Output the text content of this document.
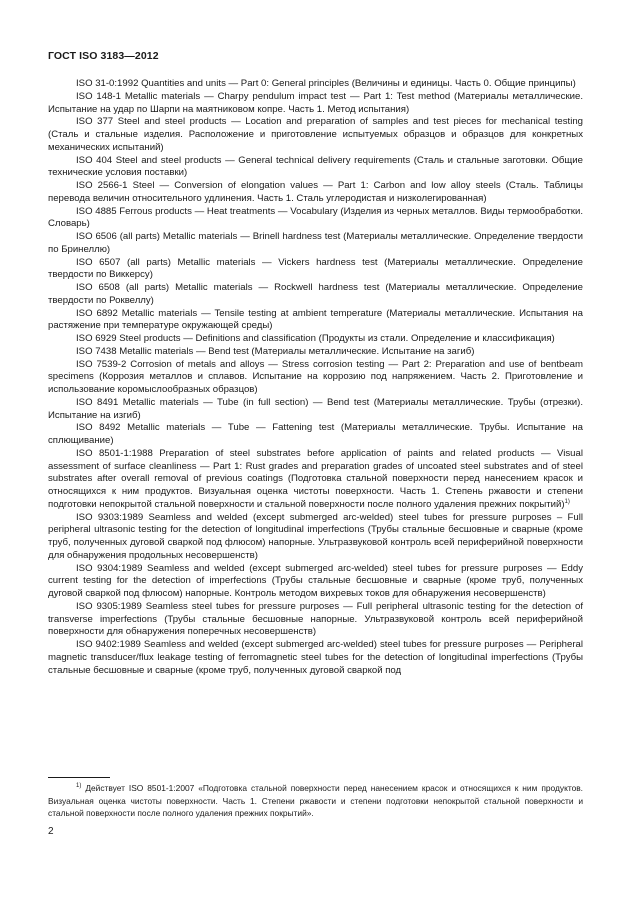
ГОСТ ISO 3183—2012

ISO 31-0:1992 Quantities and units — Part 0: General principles (Величины и единицы. Часть 0. Общие принципы)

ISO 148-1 Metallic materials — Charpy pendulum impact test — Part 1: Test method (Материалы металлические. Испытание на удар по Шарпи на маятниковом копре. Часть 1. Метод испытания)

ISO 377 Steel and steel products — Location and preparation of samples and test pieces for mechanical testing (Сталь и стальные изделия. Расположение и приготовление испытуемых образцов и образцов для конкретных механических испытаний)

ISO 404 Steel and steel products — General technical delivery requirements (Сталь и стальные заготовки. Общие технические условия поставки)

ISO 2566-1 Steel — Conversion of elongation values — Part 1: Carbon and low alloy steels (Сталь. Таблицы перевода величин относительного удлинения. Часть 1. Сталь углеродистая и низколегированная)

ISO 4885 Ferrous products — Heat treatments — Vocabulary (Изделия из черных металлов. Виды термообработки. Словарь)

ISO 6506 (all parts) Metallic materials — Brinell hardness test (Материалы металлические. Определение твердости по Бринеллю)

ISO 6507 (all parts) Metallic materials — Vickers hardness test (Материалы металлические. Определение твердости по Виккерсу)

ISO 6508 (all parts) Metallic materials — Rockwell hardness test (Материалы металлические. Определение твердости по Роквеллу)

ISO 6892 Metallic materials — Tensile testing at ambient temperature (Материалы металлические. Испытания на растяжение при температуре окружающей среды)

ISO 6929 Steel products — Definitions and classification (Продукты из стали. Определение и классификация)

ISO 7438 Metallic materials — Bend test (Материалы металлические. Испытание на загиб)

ISO 7539-2 Corrosion of metals and alloys — Stress corrosion testing — Part 2: Preparation and use of bentbeam specimens (Коррозия металлов и сплавов. Испытание на коррозию под напряжением. Часть 2. Приготовление и использование коромыслообразных образцов)

ISO 8491 Metallic materials — Tube (in full section) — Bend test (Материалы металлические. Трубы (отрезки). Испытание на изгиб)

ISO 8492 Metallic materials — Tube — Fattening test (Материалы металлические. Трубы. Испытание на сплющивание)

ISO 8501-1:1988 Preparation of steel substrates before application of paints and related products — Visual assessment of surface cleanliness — Part 1: Rust grades and preparation grades of uncoated steel substrates and of steel substrates after overall removal of previous coatings (Подготовка стальной поверхности перед нанесением красок и относящихся к ним продуктов. Визуальная оценка чистоты поверхности. Часть 1. Степень ржавости и степени подготовки непокрытой стальной поверхности и стальной поверхности после полного удаления прежних покрытий)$^{1)}$

ISO 9303:1989 Seamless and welded (except submerged arc-welded) steel tubes for pressure purposes – Full peripheral ultrasonic testing for the detection of longitudinal imperfections (Трубы стальные бесшовные и сварные (кроме труб, полученных дуговой сваркой под флюсом) напорные. Ультразвуковой контроль всей периферийной поверхности для обнаружения продольных несовершенств)

ISO 9304:1989 Seamless and welded (except submerged arc-welded) steel tubes for pressure purposes — Eddy current testing for the detection of imperfections (Трубы стальные бесшовные и сварные (кроме труб, полученных дуговой сваркой под флюсом) напорные. Контроль методом вихревых токов для обнаружения несовершенств)

ISO 9305:1989 Seamless steel tubes for pressure purposes — Full peripheral ultrasonic testing for the detection of transverse imperfections (Трубы стальные бесшовные напорные. Ультразвуковой контроль всей периферийной поверхности для обнаружения поперечных несовершенств)

ISO 9402:1989 Seamless and welded (except submerged arc-welded) steel tubes for pressure purposes — Peripheral magnetic transducer/flux leakage testing of ferromagnetic steel tubes for the detection of longitudinal imperfections (Трубы стальные бесшовные и сварные (кроме труб, полученных дуговой сваркой под

$^{1)}$ Действует ISO 8501-1:2007 «Подготовка стальной поверхности перед нанесением красок и относящихся к ним продуктов. Визуальная оценка чистоты поверхности. Часть 1. Степени ржавости и степени подготовки непокрытой стальной поверхности и стальной поверхности после полного удаления прежних покрытий».

2
